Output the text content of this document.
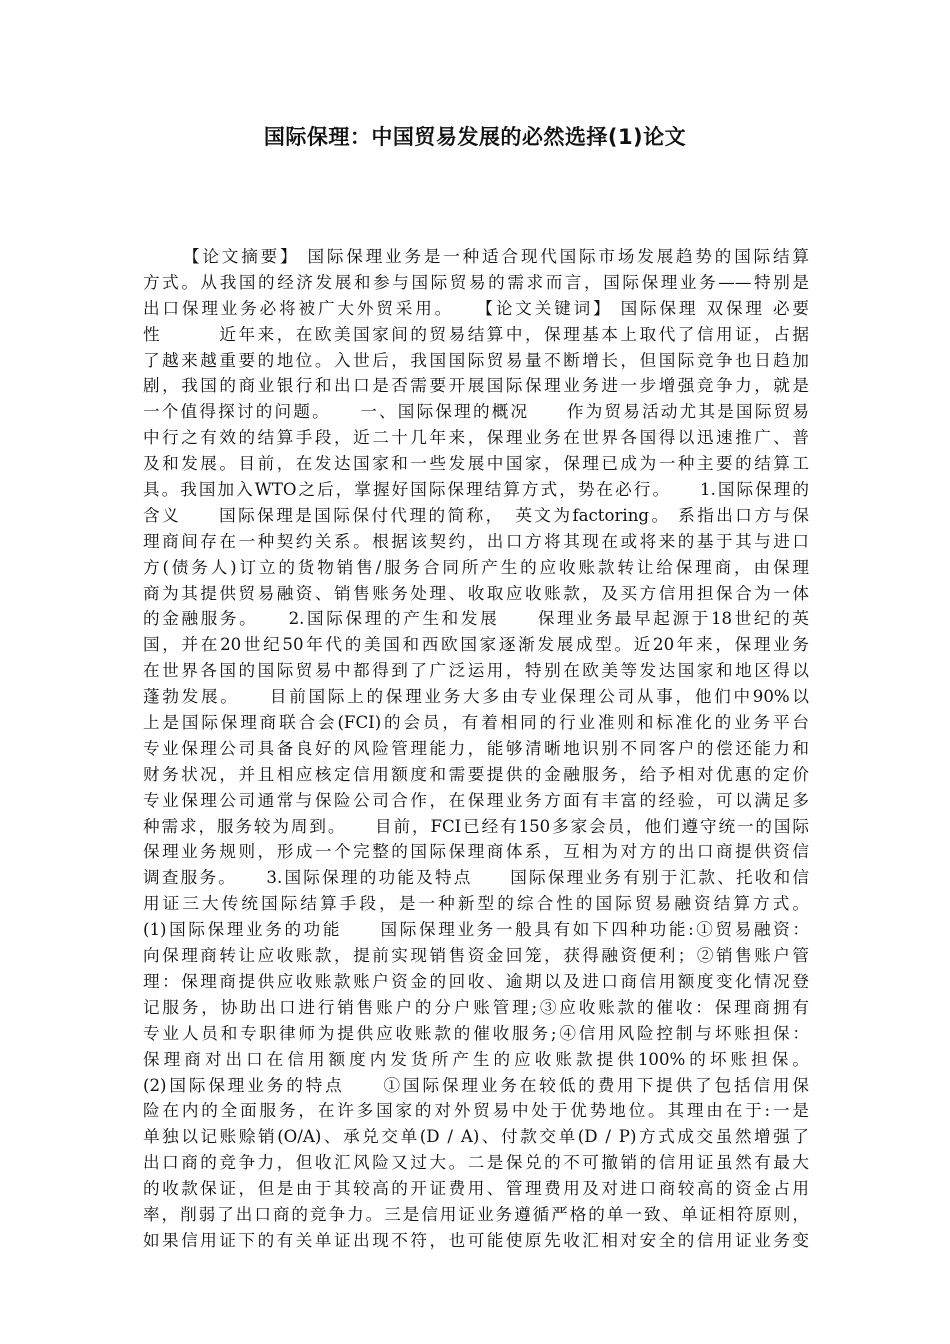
国际保理：中国贸易发展的必然选择(1)论文
【论文摘要】 国际保理业务是一种适合现代国际市场发展趋势的国际结算
方式。从我国的经济发展和参与国际贸易的需求而言，国际保理业务——特别是
出口保理业务必将被广大外贸采用。　　【论文关键词】 国际保理 双保理 必要
性　　　近年来，在欧美国家间的贸易结算中，保理基本上取代了信用证，占据
了越来越重要的地位。入世后，我国国际贸易量不断增长，但国际竞争也日趋加
剧，我国的商业银行和出口是否需要开展国际保理业务进一步增强竞争力，就是
一个值得探讨的问题。　　一、国际保理的概况　　作为贸易活动尤其是国际贸易
中行之有效的结算手段，近二十几年来，保理业务在世界各国得以迅速推广、普
及和发展。目前，在发达国家和一些发展中国家，保理已成为一种主要的结算工
具。我国加入WTO之后，掌握好国际保理结算方式，势在必行。　　1.国际保理的
含义　　国际保理是国际保付代理的简称，　英文为factoring。 系指出口方与保
理商间存在一种契约关系。根据该契约，出口方将其现在或将来的基于其与进口
方(债务人)订立的货物销售/服务合同所产生的应收账款转让给保理商，由保理
商为其提供贸易融资、销售账务处理、收取应收账款，及买方信用担保合为一体
的金融服务。　　2.国际保理的产生和发展　　保理业务最早起源于18世纪的英
国，并在20世纪50年代的美国和西欧国家逐渐发展成型。近20年来，保理业务
在世界各国的国际贸易中都得到了广泛运用，特别在欧美等发达国家和地区得以
蓬勃发展。　　目前国际上的保理业务大多由专业保理公司从事，他们中90%以
上是国际保理商联合会(FCI)的会员，有着相同的行业准则和标准化的业务平台
专业保理公司具备良好的风险管理能力，能够清晰地识别不同客户的偿还能力和
财务状况，并且相应核定信用额度和需要提供的金融服务，给予相对优惠的定价
专业保理公司通常与保险公司合作，在保理业务方面有丰富的经验，可以满足多
种需求，服务较为周到。　　目前，FCI已经有150多家会员，他们遵守统一的国际
保理业务规则，形成一个完整的国际保理商体系，互相为对方的出口商提供资信
调查服务。　　3.国际保理的功能及特点　　国际保理业务有别于汇款、托收和信
用证三大传统国际结算手段，是一种新型的综合性的国际贸易融资结算方式。
(1)国际保理业务的功能　　国际保理业务一般具有如下四种功能:①贸易融资：
向保理商转让应收账款，提前实现销售资金回笼，获得融资便利；②销售账户管
理：保理商提供应收账款账户资金的回收、逾期以及进口商信用额度变化情况登
记服务，协助出口进行销售账户的分户账管理;③应收账款的催收：保理商拥有
专业人员和专职律师为提供应收账款的催收服务;④信用风险控制与坏账担保：
保理商对出口在信用额度内发货所产生的应收账款提供100%的坏账担保。
(2)国际保理业务的特点　　①国际保理业务在较低的费用下提供了包括信用保
险在内的全面服务，在许多国家的对外贸易中处于优势地位。其理由在于:一是
单独以记账赊销(O/A)、承兑交单(D / A)、付款交单(D / P)方式成交虽然增强了
出口商的竞争力，但收汇风险又过大。二是保兑的不可撤销的信用证虽然有最大
的收款保证，但是由于其较高的开证费用、管理费用及对进口商较高的资金占用
率，削弱了出口商的竞争力。三是信用证业务遵循严格的单一致、单证相符原则，
如果信用证下的有关单证出现不符，也可能使原先收汇相对安全的信用证业务变
